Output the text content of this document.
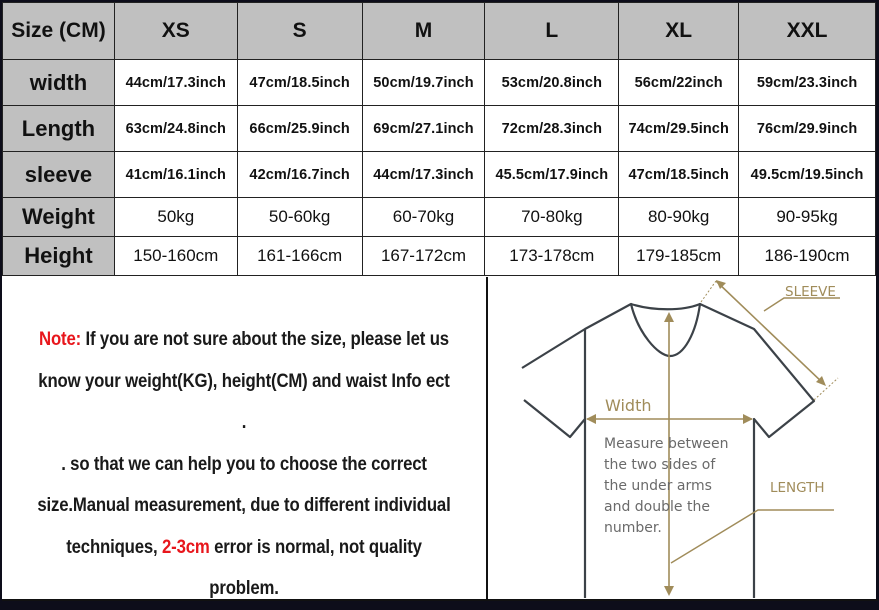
Size (CM)	XS	S	M	L	XL	XXL
width	44cm/17.3inch	47cm/18.5inch	50cm/19.7inch	53cm/20.8inch	56cm/22inch	59cm/23.3inch
Length	63cm/24.8inch	66cm/25.9inch	69cm/27.1inch	72cm/28.3inch	74cm/29.5inch	76cm/29.9inch
sleeve	41cm/16.1inch	42cm/16.7inch	44cm/17.3inch	45.5cm/17.9inch	47cm/18.5inch	49.5cm/19.5inch
Weight	50kg	50-60kg	60-70kg	70-80kg	80-90kg	90-95kg
Height	150-160cm	161-166cm	167-172cm	173-178cm	179-185cm	186-190cm
Note: If you are not sure about the size, please let us
know your weight(KG), height(CM) and waist Info ect .
. so that we can help you to choose the correct
size.Manual measurement, due to different individual
techniques, 2-3cm error is normal, not quality problem.
SLEEVE
Width
LENGTH
Measure between
the two sides of
the under arms
and double the
number.
